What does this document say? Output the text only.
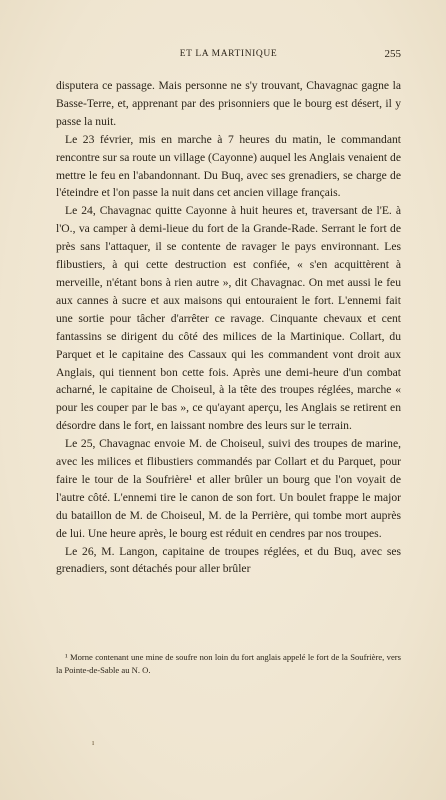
ET LA MARTINIQUE	255

disputera ce passage. Mais personne ne s'y trouvant, Chavagnac gagne la Basse-Terre, et, apprenant par des prisonniers que le bourg est désert, il y passe la nuit.

Le 23 février, mis en marche à 7 heures du matin, le commandant rencontre sur sa route un village (Cayonne) auquel les Anglais venaient de mettre le feu en l'abandonnant. Du Buq, avec ses grenadiers, se charge de l'éteindre et l'on passe la nuit dans cet ancien village français.

Le 24, Chavagnac quitte Cayonne à huit heures et, traversant de l'E. à l'O., va camper à demi-lieue du fort de la Grande-Rade. Serrant le fort de près sans l'attaquer, il se contente de ravager le pays environnant. Les flibustiers, à qui cette destruction est confiée, « s'en acquittèrent à merveille, n'étant bons à rien autre », dit Chavagnac. On met aussi le feu aux cannes à sucre et aux maisons qui entouraient le fort. L'ennemi fait une sortie pour tâcher d'arrêter ce ravage. Cinquante chevaux et cent fantassins se dirigent du côté des milices de la Martinique. Collart, du Parquet et le capitaine des Cassaux qui les commandent vont droit aux Anglais, qui tiennent bon cette fois. Après une demi-heure d'un combat acharné, le capitaine de Choiseul, à la tête des troupes réglées, marche « pour les couper par le bas », ce qu'ayant aperçu, les Anglais se retirent en désordre dans le fort, en laissant nombre des leurs sur le terrain.

Le 25, Chavagnac envoie M. de Choiseul, suivi des troupes de marine, avec les milices et flibustiers commandés par Collart et du Parquet, pour faire le tour de la Soufrière¹ et aller brûler un bourg que l'on voyait de l'autre côté. L'ennemi tire le canon de son fort. Un boulet frappe le major du bataillon de M. de Choiseul, M. de la Perrière, qui tombe mort auprès de lui. Une heure après, le bourg est réduit en cendres par nos troupes.

Le 26, M. Langon, capitaine de troupes réglées, et du Buq, avec ses grenadiers, sont détachés pour aller brûler

¹ Morne contenant une mine de soufre non loin du fort anglais appelé le fort de la Soufrière, vers la Pointe-de-Sable au N. O.

ı
